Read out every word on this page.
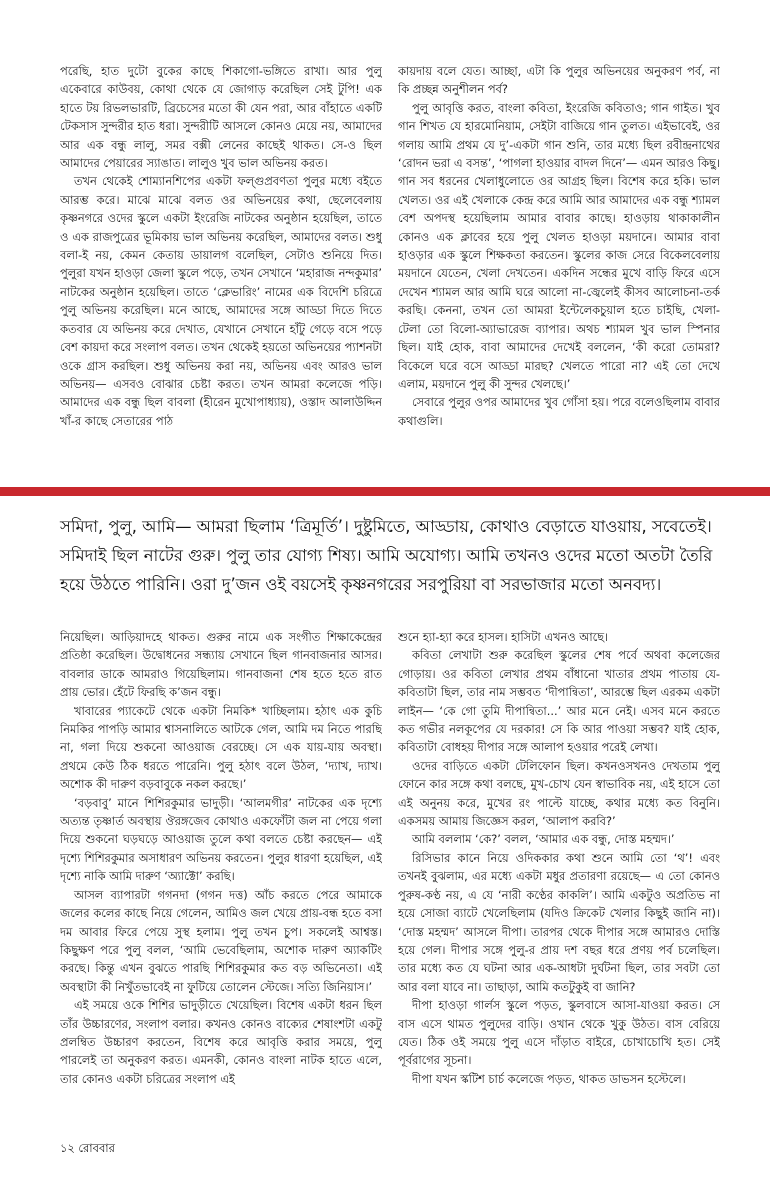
পরেছি, হাত দুটো বুকের কাছে শিকাগো-ভঙ্গিতে রাখা। আর পুলু একেবারে কাউবয়, কোথা থেকে যে জোগাড় করেছিল সেই টুপি! এক হাতে টয় রিভলভারটি, ব্রিচেসের মতো কী যেন পরা, আর বাঁহাতে একটি টেকসাস সুন্দরীর হাত ধরা। সুন্দরীটি আসলে কোনও মেয়ে নয়, আমাদের আর এক বন্ধু লালু, সমর বক্সী লেনের কাছেই থাকত। সে-ও ছিল আমাদের পেয়ারের স্যাঙাত। লালুও খুব ভাল অভিনয় করত।

তখন থেকেই শোম্যানশিপের একটা ফল্গুপ্রবণতা পুলুর মধ্যে বইতে আরম্ভ করে। মাঝে মাঝে বলত ওর অভিনয়ের কথা, ছেলেবেলায় কৃষ্ণনগরে ওদের স্কুলে একটা ইংরেজি নাটকের অনুষ্ঠান হয়েছিল, তাতে ও এক রাজপুত্রের ভূমিকায় ভাল অভিনয় করেছিল, আমাদের বলত। শুধু বলা-ই নয়, কেমন কেতায় ডায়ালগ বলেছিল, সেটাও শুনিয়ে দিত। পুলুরা যখন হাওড়া জেলা স্কুলে পড়ে, তখন সেখানে ‘মহারাজ নন্দকুমার’ নাটকের অনুষ্ঠান হয়েছিল। তাতে ‘ক্লেভারিং’ নামের এক বিদেশি চরিত্রে পুলু অভিনয় করেছিল। মনে আছে, আমাদের সঙ্গে আড্ডা দিতে দিতে কতবার যে অভিনয় করে দেখাত, যেখানে সেখানে হাঁটু গেড়ে বসে পড়ে বেশ কায়দা করে সংলাপ বলত। তখন থেকেই হয়তো অভিনয়ের প্যাশনটা ওকে গ্রাস করছিল। শুধু অভিনয় করা নয়, অভিনয় এবং আরও ভাল অভিনয়— এসবও বোঝার চেষ্টা করত। তখন আমরা কলেজে পড়ি। আমাদের এক বন্ধু ছিল বাবলা (হীরেন মুখোপাধ্যায়), ওস্তাদ আলাউদ্দিন খাঁ-র কাছে সেতারের পাঠ

কায়দায় বলে যেত। আচ্ছা, এটা কি পুলুর অভিনয়ের অনুকরণ পর্ব, না কি প্রচ্ছন্ন অনুশীলন পর্ব?

পুলু আবৃত্তি করত, বাংলা কবিতা, ইংরেজি কবিতাও; গান গাইত। খুব গান শিখত যে হারমোনিয়াম, সেইটা বাজিয়ে গান তুলত। এইভাবেই, ওর গলায় আমি প্রথম যে দু’-একটা গান শুনি, তার মধ্যে ছিল রবীন্দ্রনাথের ‘রোদন ভরা এ বসন্ত’, ‘পাগলা হাওয়ার বাদল দিনে’— এমন আরও কিছু। গান সব ধরনের খেলাধুলোতে ওর আগ্রহ ছিল। বিশেষ করে হকি। ভাল খেলত। ওর এই খেলাকে কেন্দ্র করে আমি আর আমাদের এক বন্ধু শ্যামল বেশ অপদস্থ হয়েছিলাম আমার বাবার কাছে। হাওড়ায় থাকাকালীন কোনও এক ক্লাবের হয়ে পুলু খেলত হাওড়া ময়দানে। আমার বাবা হাওড়ার এক স্কুলে শিক্ষকতা করতেন। স্কুলের কাজ সেরে বিকেলবেলায় ময়দানে যেতেন, খেলা দেখতেন। একদিন সন্ধের মুখে বাড়ি ফিরে এসে দেখেন শ্যামল আর আমি ঘরে আলো না-জ্বেলেই কীসব আলোচনা-তর্ক করছি। কেননা, তখন তো আমরা ইন্টেলেকচুয়াল হতে চাইছি, খেলা-টেলা তো বিলো-অ্যাভারেজ ব্যাপার। অথচ শ্যামল খুব ভাল স্পিনার ছিল। যাই হোক, বাবা আমাদের দেখেই বললেন, ‘কী করো তোমরা? বিকেলে ঘরে বসে আড্ডা মারছ? খেলতে পারো না? এই তো দেখে এলাম, ময়দানে পুলু কী সুন্দর খেলছে।’

সেবারে পুলুর ওপর আমাদের খুব গোঁসা হয়। পরে বলেওছিলাম বাবার কথাগুলি।

সমিদা, পুলু, আমি— আমরা ছিলাম ‘ত্রিমূর্তি’। দুষ্টুমিতে, আড্ডায়, কোথাও বেড়াতে যাওয়ায়, সবেতেই। সমিদাই ছিল নাটের গুরু। পুলু তার যোগ্য শিষ্য। আমি অযোগ্য। আমি তখনও ওদের মতো অতটা তৈরি হয়ে উঠতে পারিনি। ওরা দু’জন ওই বয়সেই কৃষ্ণনগরের সরপুরিয়া বা সরভাজার মতো অনবদ্য।

নিয়েছিল। আড়িয়াদহে থাকত। গুরুর নামে এক সংগীত শিক্ষাকেন্দ্রের প্রতিষ্ঠা করেছিল। উদ্বোধনের সন্ধ্যায় সেখানে ছিল গানবাজনার আসর। বাবলার ডাকে আমরাও গিয়েছিলাম। গানবাজনা শেষ হতে হতে রাত প্রায় ভোর। হেঁটে ফিরছি ক’জন বন্ধু।

খাবারের প্যাকেটে থেকে একটা নিমকি* খাচ্ছিলাম। হঠাৎ এক কুচি নিমকির পাপড়ি আমার শ্বাসনালিতে আটকে গেল, আমি দম নিতে পারছি না, গলা দিয়ে শুকনো আওয়াজ বেরচ্ছে। সে এক যায়-যায় অবস্থা। প্রথমে কেউ ঠিক ধরতে পারেনি। পুলু হঠাৎ বলে উঠল, ‘দ্যাখ, দ্যাখ। অশোক কী দারুণ বড়বাবুকে নকল করছে।’

‘বড়বাবু’ মানে শিশিরকুমার ভাদুড়ী। ‘আলমগীর’ নাটকের এক দৃশ্যে অত্যন্ত তৃষ্ণার্ত অবস্থায় ঔরঙ্গজেব কোথাও একফোঁটা জল না পেয়ে গলা দিয়ে শুকনো ঘড়ঘড়ে আওয়াজ তুলে কথা বলতে চেষ্টা করছেন— এই দৃশ্যে শিশিরকুমার অসাধারণ অভিনয় করতেন। পুলুর ধারণা হয়েছিল, এই দৃশ্যে নাকি আমি দারুণ ‘অ্যাক্টো’ করছি।

আসল ব্যাপারটা গগনদা (গগন দত্ত) আঁচ করতে পেরে আমাকে জলের কলের কাছে নিয়ে গেলেন, আমিও জল খেয়ে প্রায়-বন্ধ হতে বসা দম আবার ফিরে পেয়ে সুস্থ হলাম। পুলু তখন চুপ। সকলেই আশ্বস্ত। কিছুক্ষণ পরে পুলু বলল, ‘আমি ভেবেছিলাম, অশোক দারুণ অ্যাকটিং করছে। কিন্তু এখন বুঝতে পারছি শিশিরকুমার কত বড় অভিনেতা। এই অবস্থাটা কী নিখুঁতভাবেই না ফুটিয়ে তোলেন স্টেজে। সত্যি জিনিয়াস।’

এই সময়ে ওকে শিশির ভাদুড়ীতে খেয়েছিল। বিশেষ একটা ধরন ছিল তাঁর উচ্চারণের, সংলাপ বলার। কখনও কোনও বাক্যের শেষাংশটা একটু প্রলম্বিত উচ্চারণ করতেন, বিশেষ করে আবৃত্তি করার সময়ে, পুলু পারলেই তা অনুকরণ করত। এমনকী, কোনও বাংলা নাটক হাতে এলে, তার কোনও একটা চরিত্রের সংলাপ এই

শুনে হ্যা-হ্যা করে হাসল। হাসিটা এখনও আছে।

কবিতা লেখাটা শুরু করেছিল স্কুলের শেষ পর্বে অথবা কলেজের গোড়ায়। ওর কবিতা লেখার প্রথম বাঁধানো খাতার প্রথম পাতায় যে-কবিতাটা ছিল, তার নাম সম্ভবত ‘দীপান্বিতা’, আরম্ভে ছিল এরকম একটা লাইন— ‘কে গো তুমি দীপান্বিতা...’ আর মনে নেই। এসব মনে করতে কত গভীর নলকূপের যে দরকার! সে কি আর পাওয়া সম্ভব? যাই হোক, কবিতাটা বোধহয় দীপার সঙ্গে আলাপ হওয়ার পরেই লেখা।

ওদের বাড়িতে একটা টেলিফোন ছিল। কখনওসখনও দেখতাম পুলু ফোনে কার সঙ্গে কথা বলছে, মুখ-চোখ যেন স্বাভাবিক নয়, এই হাসে তো এই অনুনয় করে, মুখের রং পাল্টে যাচ্ছে, কথার মধ্যে কত বিনুনি। একসময় আমায় জিজ্ঞেস করল, ‘আলাপ করবি?’

আমি বললাম ‘কে?’ বলল, ‘আমার এক বন্ধু, দোস্ত মহম্মদ।’

রিসিভার কানে নিয়ে ওদিককার কথা শুনে আমি তো ‘থ’! এবং তখনই বুঝলাম, এর মধ্যে একটা মধুর প্রতারণা রয়েছে— এ তো কোনও পুরুষ-কণ্ঠ নয়, এ যে ‘নারী কণ্ঠের কাকলি’। আমি একটুও অপ্রতিভ না হয়ে সোজা ব্যাটে খেলেছিলাম (যদিও ক্রিকেট খেলার কিছুই জানি না)। ‘দোস্ত মহম্মদ’ আসলে দীপা। তারপর থেকে দীপার সঙ্গে আমারও দোস্তি হয়ে গেল। দীপার সঙ্গে পুলু-র প্রায় দশ বছর ধরে প্রণয় পর্ব চলেছিল। তার মধ্যে কত যে ঘটনা আর এক-আধটা দুর্ঘটনা ছিল, তার সবটা তো আর বলা যাবে না। তাছাড়া, আমি কতটুকুই বা জানি?

দীপা হাওড়া গার্লস স্কুলে পড়ত, স্কুলবাসে আসা-যাওয়া করত। সে বাস এসে থামত পুলুদের বাড়ি। ওখান থেকে খুকু উঠত। বাস বেরিয়ে যেত। ঠিক ওই সময়ে পুলু এসে দাঁড়াত বাইরে, চোখাচোখি হত। সেই পূর্বরাগের সূচনা।

দীপা যখন স্কটিশ চার্চ কলেজে পড়ত, থাকত ডাভসন হস্টেলে।

১২ রোববার
